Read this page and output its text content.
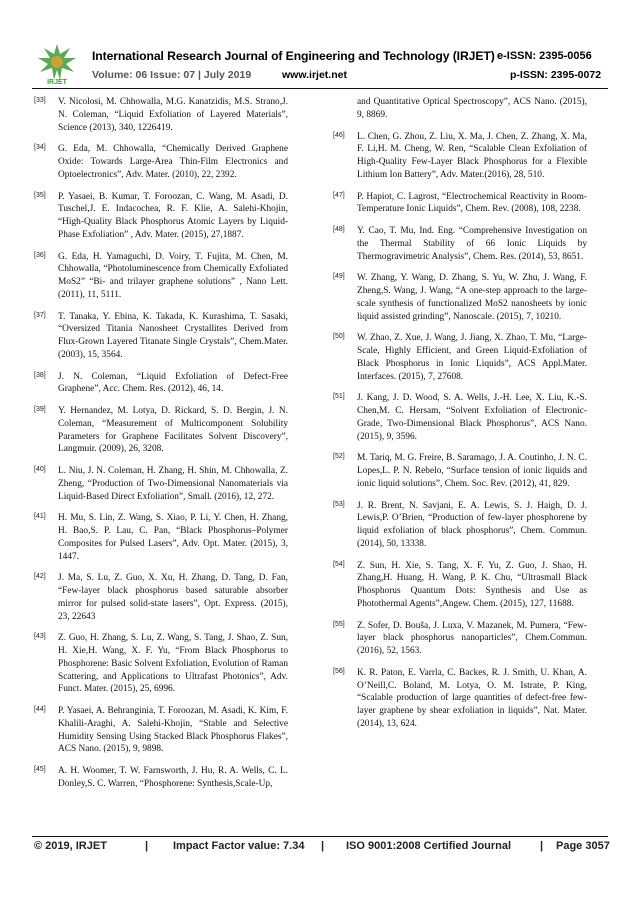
IRJET
International Research Journal of Engineering and Technology (IRJET) e-ISSN: 2395-0056
Volume: 06 Issue: 07 | July 2019	www.irjet.net	p-ISSN: 2395-0072
[33] V. Nicolosi, M. Chhowalla, M.G. Kanatzidis, M.S. Strano,J. N. Coleman, “Liquid Exfoliation of Layered Materials”, Science (2013), 340, 1226419.
[34] G. Eda, M. Chhowalla, “Chemically Derived Graphene Oxide: Towards Large-Area Thin-Film Electronics and Optoelectronics”, Adv. Mater. (2010), 22, 2392.
[35] P. Yasaei, B. Kumar, T. Foroozan, C. Wang, M. Asadi, D. Tuschel,J. E. Indacochea, R. F. Klie, A. Salehi-Khojin, “High-Quality Black Phosphorus Atomic Layers by Liquid-Phase Exfoliation” , Adv. Mater. (2015), 27,1887.
[36] G. Eda, H. Yamaguchi, D. Voiry, T. Fujita, M. Chen, M. Chhowalla, “Photoluminescence from Chemically Exfoliated MoS2” “Bi- and trilayer graphene solutions” , Nano Lett. (2011), 11, 5111.
[37] T. Tanaka, Y. Ebina, K. Takada, K. Kurashima, T. Sasaki, “Oversized Titania Nanosheet Crystallites Derived from Flux-Grown Layered Titanate Single Crystals”, Chem.Mater. (2003), 15, 3564.
[38] J. N. Coleman, “Liquid Exfoliation of Defect-Free Graphene”, Acc. Chem. Res. (2012), 46, 14.
[39] Y. Hernandez, M. Lotya, D. Rickard, S. D. Bergin, J. N. Coleman, “Measurement of Multicomponent Solubility Parameters for Graphene Facilitates Solvent Discovery”, Langmuir. (2009), 26, 3208.
[40] L. Niu, J. N. Coleman, H. Zhang, H. Shin, M. Chhowalla, Z. Zheng, “Production of Two-Dimensional Nanomaterials via Liquid-Based Direct Exfoliation”, Small. (2016), 12, 272.
[41] H. Mu, S. Lin, Z. Wang, S. Xiao, P. Li, Y. Chen, H. Zhang, H. Bao,S. P. Lau, C. Pan, “Black Phosphorus–Polymer Composites for Pulsed Lasers”, Adv. Opt. Mater. (2015), 3, 1447.
[42] J. Ma, S. Lu, Z. Guo, X. Xu, H. Zhang, D. Tang, D. Fan, “Few-layer black phosphorus based saturable absorber mirror for pulsed solid-state lasers”, Opt. Express. (2015), 23, 22643
[43] Z. Guo, H. Zhang, S. Lu, Z. Wang, S. Tang, J. Shao, Z. Sun, H. Xie,H. Wang, X. F. Yu, “From Black Phosphorus to Phosphorene: Basic Solvent Exfoliation, Evolution of Raman Scattering, and Applications to Ultrafast Photonics”, Adv. Funct. Mater. (2015), 25, 6996.
[44] P. Yasaei, A. Behranginia, T. Foroozan, M. Asadi, K. Kim, F. Khalili-Araghi, A. Salehi-Khojin, “Stable and Selective Humidity Sensing Using Stacked Black Phosphorus Flakes”, ACS Nano. (2015), 9, 9898.
[45] A. H. Woomer, T. W. Farnsworth, J. Hu, R. A. Wells, C. L. Donley,S. C. Warren, “Phosphorene: Synthesis,Scale-Up,
and Quantitative Optical Spectroscopy”, ACS Nano. (2015), 9, 8869.
[46] L. Chen, G. Zhou, Z. Liu, X. Ma, J. Chen, Z. Zhang, X. Ma, F. Li,H. M. Cheng, W. Ren, “Scalable Clean Exfoliation of High-Quality Few-Layer Black Phosphorus for a Flexible Lithium Ion Battery”, Adv. Mater.(2016), 28, 510.
[47] P. Hapiot, C. Lagrost, “Electrochemical Reactivity in Room-Temperature Ionic Liquids”, Chem. Rev. (2008), 108, 2238.
[48] Y. Cao, T. Mu, Ind. Eng. “Comprehensive Investigation on the Thermal Stability of 66 Ionic Liquids by Thermogravimetric Analysis”, Chem. Res. (2014), 53, 8651.
[49] W. Zhang, Y. Wang, D. Zhang, S. Yu, W. Zhu, J. Wang, F. Zheng,S. Wang, J. Wang, “A one-step approach to the large-scale synthesis of functionalized MoS2 nanosheets by ionic liquid assisted grinding”, Nanoscale. (2015), 7, 10210.
[50] W. Zhao, Z. Xue, J. Wang, J. Jiang, X. Zhao, T. Mu, “Large-Scale, Highly Efficient, and Green Liquid-Exfoliation of Black Phosphorus in Ionic Liquids”, ACS Appl.Mater. Interfaces. (2015), 7, 27608.
[51] J. Kang, J. D. Wood, S. A. Wells, J.-H. Lee, X. Liu, K.-S. Chen,M. C. Hersam, “Solvent Exfoliation of Electronic-Grade, Two-Dimensional Black Phosphorus”, ACS Nano. (2015), 9, 3596.
[52] M. Tariq, M. G. Freire, B. Saramago, J. A. Coutinho, J. N. C. Lopes,L. P. N. Rebelo, “Surface tension of ionic liquids and ionic liquid solutions”, Chem. Soc. Rev. (2012), 41, 829.
[53] J. R. Brent, N. Savjani, E. A. Lewis, S. J. Haigh, D. J. Lewis,P. O’Brien, “Production of few-layer phosphorene by liquid exfoliation of black phosphorus”, Chem. Commun. (2014), 50, 13338.
[54] Z. Sun, H. Xie, S. Tang, X. F. Yu, Z. Guo, J. Shao, H. Zhang,H. Huang, H. Wang, P. K. Chu, “Ultrasmall Black Phosphorus Quantum Dots: Synthesis and Use as Photothermal Agents”,Angew. Chem. (2015), 127, 11688.
[55] Z. Sofer, D. Bouša, J. Luxa, V. Mazanek, M. Pumera, “Few-layer black phosphorus nanoparticles”, Chem.Commun. (2016), 52, 1563.
[56] K. R. Paton, E. Varrla, C. Backes, R. J. Smith, U. Khan, A. O’Neill,C. Boland, M. Lotya, O. M. Istrate, P. King, “Scalable production of large quantities of defect-free few-layer graphene by shear exfoliation in liquids”, Nat. Mater. (2014), 13, 624.
© 2019, IRJET	| Impact Factor value: 7.34 | ISO 9001:2008 Certified Journal	| Page 3057
